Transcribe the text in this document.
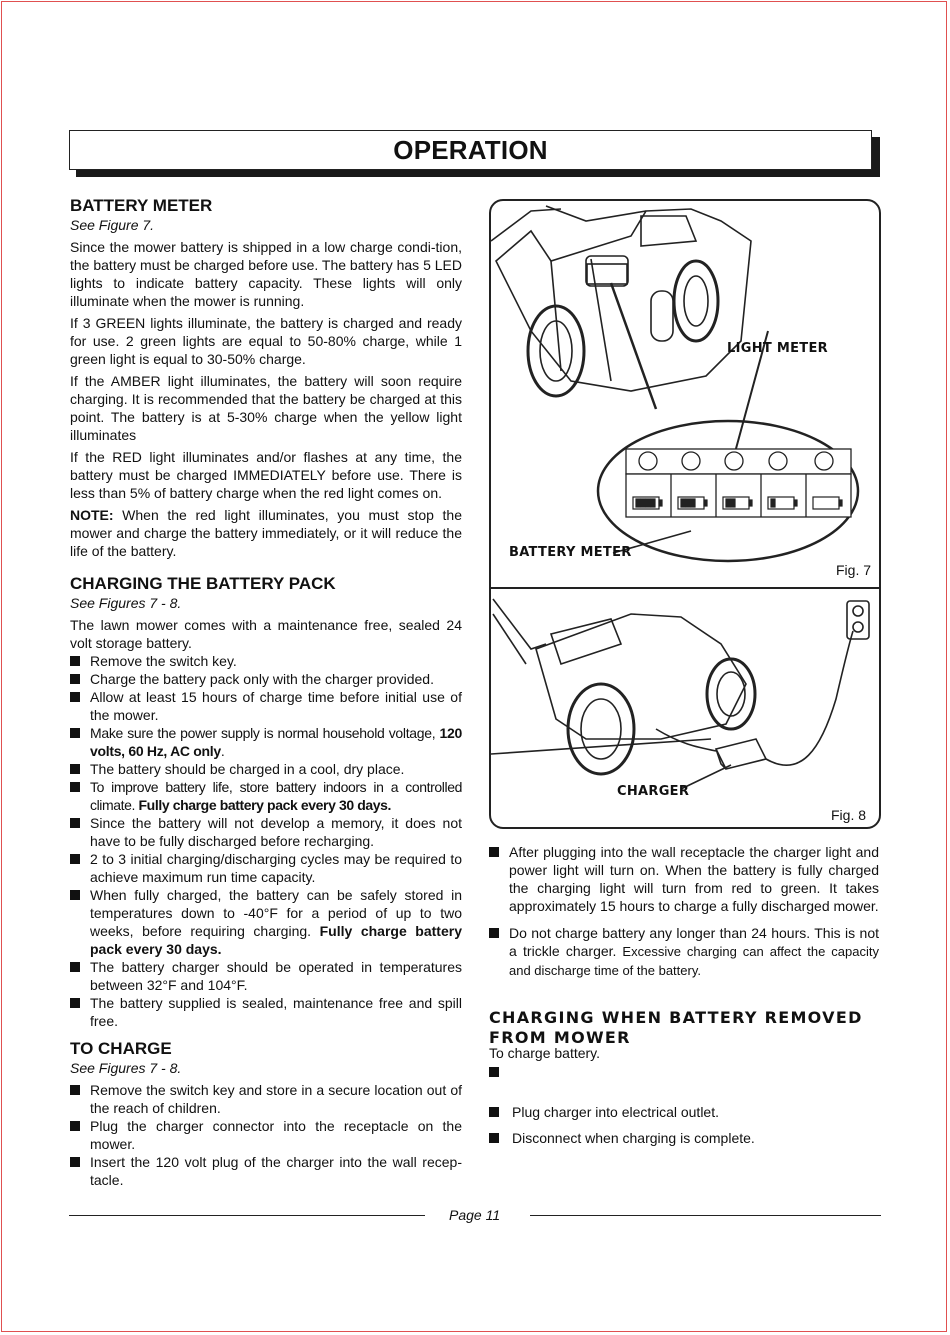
OPERATION
BATTERY METER
See Figure 7.

Since the mower battery is shipped in a low charge condi-tion, the battery must be charged before use. The battery has 5 LED lights to indicate battery capacity. These lights will only illuminate when the mower is running.

If 3 GREEN lights illuminate, the battery is charged and ready for use. 2 green lights are equal to 50-80% charge, while 1 green light is equal to 30-50% charge.

If the AMBER light illuminates, the battery will soon require charging. It is recommended that the battery be charged at this point. The battery is at 5-30% charge when the yellow light illuminates

If the RED light illuminates and/or flashes at any time, the battery must be charged IMMEDIATELY before use. There is less than 5% of battery charge when the red light comes on.

NOTE: When the red light illuminates, you must stop the mower and charge the battery immediately, or it will reduce the life of the battery.

CHARGING THE BATTERY PACK
See Figures 7 - 8.

The lawn mower comes with a maintenance free, sealed 24 volt storage battery.

Remove the switch key.
Charge the battery pack only with the charger provided.
Allow at least 15 hours of charge time before initial use of the mower.
Make sure the power supply is normal household voltage, 120 volts, 60 Hz, AC only.
The battery should be charged in a cool, dry place.
To improve battery life, store battery indoors in a controlled climate. Fully charge battery pack every 30 days.
Since the battery will not develop a memory, it does not have to be fully discharged before recharging.
2 to 3 initial charging/discharging cycles may be required to achieve maximum run time capacity.
When fully charged, the battery can be safely stored in temperatures down to -40°F for a period of up to two weeks, before requiring charging. Fully charge battery pack every 30 days.
The battery charger should be operated in temperatures between 32°F and 104°F.
The battery supplied is sealed, maintenance free and spill free.
TO CHARGE
See Figures 7 - 8.
Remove the switch key and store in a secure location out of the reach of children.
Plug the charger connector into the receptacle on the mower.
Insert the 120 volt plug of the charger into the wall recep-tacle.
LIGHT METER
BATTERY METER
Fig. 7
CHARGER
Fig. 8
After plugging into the wall receptacle the charger light and power light will turn on. When the battery is fully charged the charging light will turn from red to green. It takes approximately 15 hours to charge a fully discharged mower.
Do not charge battery any longer than 24 hours. This is not a trickle charger. Excessive charging can affect the capacity and discharge time of the battery.
CHARGING WHEN BATTERY REMOVED
FROM MOWER
To charge battery.
Plug charger into electrical outlet.
Disconnect when charging is complete.
Page 11
